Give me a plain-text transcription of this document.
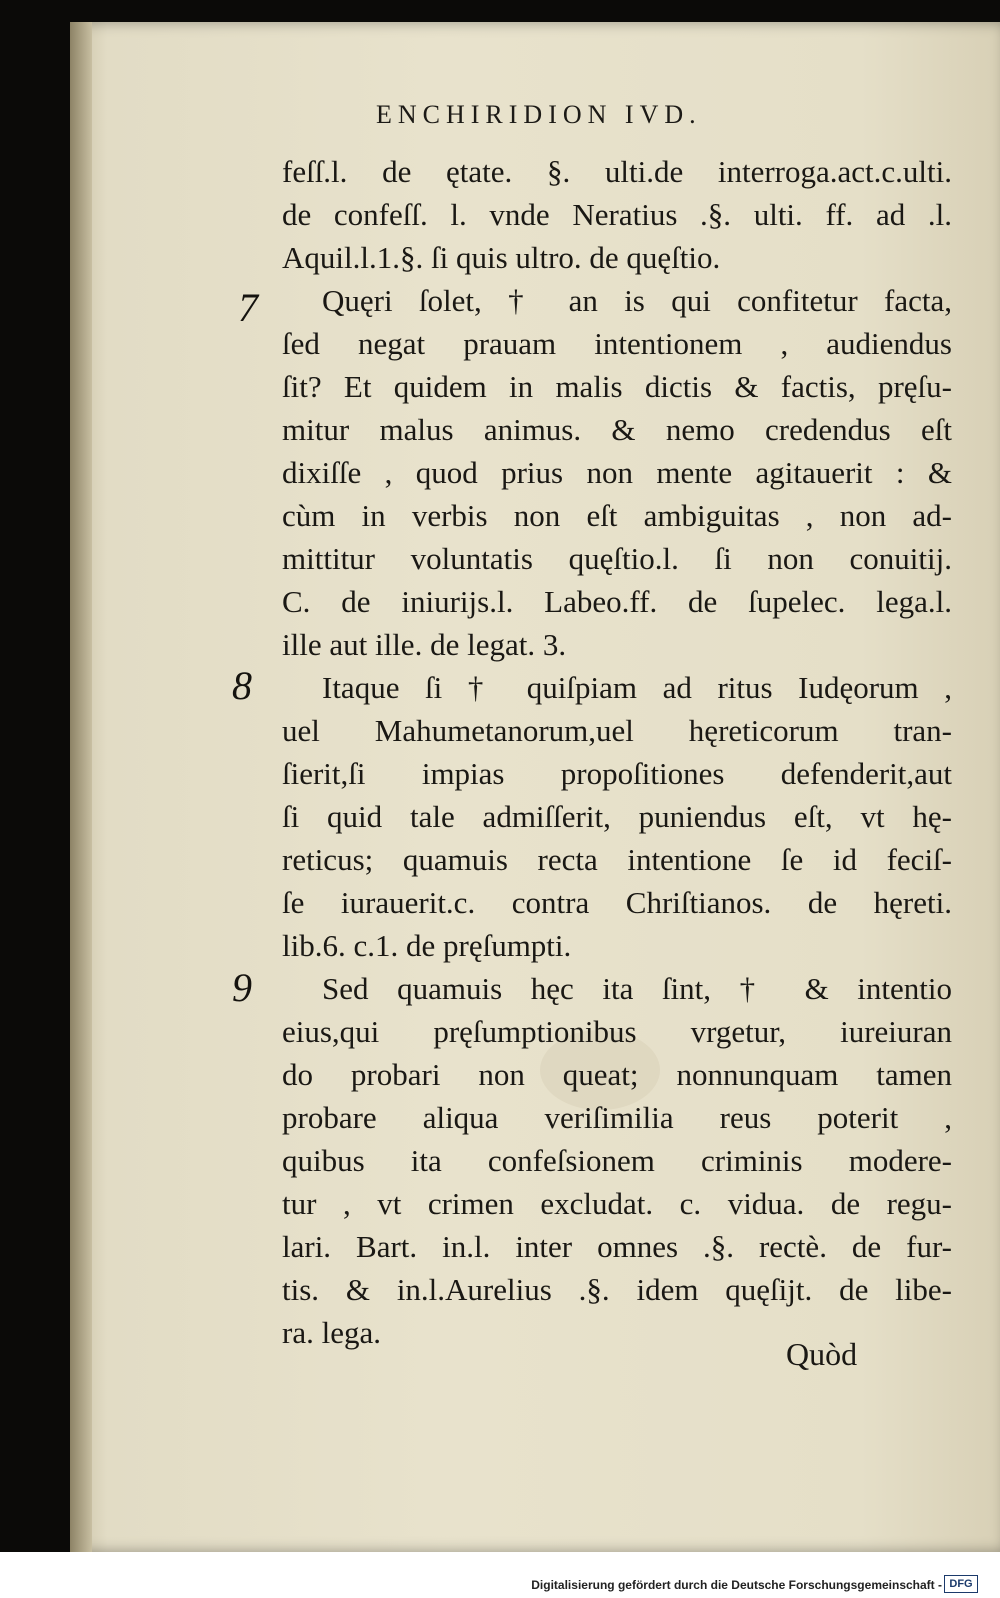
ENCHIRIDION IVD.
7
8
9
feſſ.l. de ętate. §. ulti.de interroga.act.c.ulti.
de confeſſ. l. vnde Neratius .§. ulti. ff. ad .l.
Aquil.l.1.§. ſi quis ultro. de quęſtio.
Quęri ſolet, † an is qui confitetur facta,
ſed negat prauam intentionem , audiendus
ſit? Et quidem in malis dictis & factis, pręſu-
mitur malus animus. & nemo credendus eſt
dixiſſe , quod prius non mente agitauerit : &
cùm in verbis non eſt ambiguitas , non ad-
mittitur voluntatis quęſtio.l. ſi non conuitij.
C. de iniurijs.l. Labeo.ff. de ſupelec. lega.l.
ille aut ille. de legat. 3.
Itaque ſi † quiſpiam ad ritus Iudęorum ,
uel Mahumetanorum,uel hęreticorum tran-
ſierit,ſi impias propoſitiones defenderit,aut
ſi quid tale admiſſerit, puniendus eſt, vt hę-
reticus; quamuis recta intentione ſe id feciſ-
ſe iurauerit.c. contra Chriſtianos. de hęreti.
lib.6. c.1. de pręſumpti.
Sed quamuis hęc ita ſint, † & intentio
eius,qui pręſumptionibus vrgetur, iureiuran
do probari non queat; nonnunquam tamen
probare aliqua veriſimilia reus poterit ,
quibus ita confeſsionem criminis modere-
tur , vt crimen excludat. c. vidua. de regu-
lari. Bart. in.l. inter omnes .§. rectè. de fur-
tis. & in.l.Aurelius .§. idem quęſijt. de libe-
ra. lega.
Quòd
Digitalisierung gefördert durch die Deutsche Forschungsgemeinschaft - DFG
